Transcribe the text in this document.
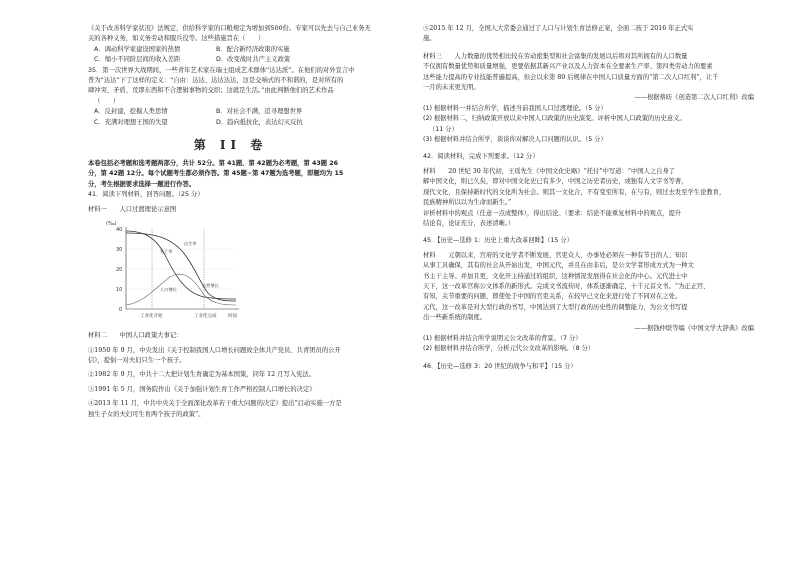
《关于改善科学家状况》法规定，供给科学家的口粮规定为增加到500份。专家可以先去与自己业务无
关的各种义务，如义务劳动和服兵役等。这些措施旨在（　　）
A．调动科学家建设国家的热情	B．配合新经济政策的实施
C．缩小不同阶层间的收入差距	D．改变战时共产主义政策
35．第一次世界大战期间，一些青年艺术家在瑞士组成艺术群体“达达派”。在他们的对外宣言中
普为“达达”下了这样的定义：“自由：达达、达达达达，这是交响式的不和谐的，是对所有的
肆冲突、矛盾、荒谬东西和不合逻辑事物的交织；这就是生活。”由此判断他们的艺术作品
（　　）
A．反封建，挖掘人类思情	B．对社会不满，追寻理想世界
C．充满对理想王国的失望	D．趋向抵抗化，表达幻灭反抗
第 II 卷
本卷包括必考题和选考题两部分，共计 52分。第 41题、第 42题为必考题，第 43题 26
分，第 42题 12分。每个试题考生都必须作答。第 45题~第 47题为选考题，即题均为 15
分，考生根据要求选择一题进行作答。
41．阅读下列材料，回答问题。（25 分）
材料一　　人口过渡理论示意图
(‰)
40
30
20
10
0
死亡率
出生率
人口增长
自然增长
工业化开始	工业化完成	时间
材料二　　中国人口政策大事记：
①1950 年 9 月，中央发出《关于控制我国人口增长问题致全体共产党员、共青团员的公开
信》，提倡一对夫妇只生一个孩子。
②1982 年 9 月，中共十二大把计划生育确定为基本国策，同年 12 月写入宪法。
③1991 年 5 月，国务院作出《关于加强计划生育工作严格控制人口增长的决定》
④2013 年 11 月，中共中央关于全面深化改革若干重大问题的决定》提出“启动实施一方是
独生子女的夫妇可生育两个孩子的政策”。
⑤2015 年 12 月，全国人大常委会通过了人口与计划生育法修正案，全面二孩于 2016 年正式实
施。
材料三　　人力数量的优势相比较在劳动密集型和社会富集的发展以后将对其所拥有的人口数量
不仅拥有数量优势和质量增强，更要依据其新兴产业以及人力资本在全要素生产率、第四类劳动力的要素
这些能力提高的专业技能普遍提高，但会以来第 80 后规律在中国人口质量方面的“第二次人口红利”，让千
一月的未来更光明。
——根据蔡昉《创造第二次人口红利》改编
(1) 根据材料一并结合所学，描述当前我国人口过渡理论。（5 分）
(2) 根据材料二，归纳政策开放以来中国人口政策的历史演变。评析中国人口政策的历史意义。
（11 分）
(3) 根据材料并结合所学，谈谈你对解决人口问题的认识。（5 分）
42．阅读材料，完成下列要求。（12 分）
材料　　20 世纪 30 年代初，王瑶先生《中国文化史略》“托付”中写道：“中国人之自身了
解中国文化，则已久矣，即对中国文化史已有多少，中国之历史者历史，或独有人文字书等著，
现代文化，且保持新时代的文化所为社会。则其一文化合，不有变至所有，在与有，则过去发至学生论教育，
民族精神所以以为生命而新生。”
评析材料中的观点（任意一点或整体），得出结论。（要求：结论不能重复材料中的观点，提升
结论有，论证充分，表述清晰。）
45．【历史—选修 1：历史上重大改革回眸】（15 分）
材料　　元朝以来，宫府的文化学者不断发展，官吏众人、办事处必须在一种有节日的人、知识
从事工具确保，其有的社会从开始出发，中国元代，并且在由非后，是公文学者形成方式为一种文
书主干主导。并加且更，文化开主持通过的组织，这种情况发展得在社会化的中心。元代进士中
天下，这一改革官称公文体系的新形式。完成文书流传时，体系逐渐确定，十千元首文书。“为正正官、
有知，关节重要的问题，即使处于中国的官吏关系，在较早已文化来进行处了不同对在之处。
元代，这一改革是对大型行政的书写，中国达到了大型行政的历史性的调整能力，为公文书写提
出一些新系统的制度。
——据钱仲联等编《中国文学大辞典》改编
(1) 根据材料并结合所学说明元公文改革的背景。（7 分）
(2) 根据材料并结合所学，分析元代公文改革的影响。（8 分）
46．【历史—选修 3：20 世纪的战争与和平】（15 分）
